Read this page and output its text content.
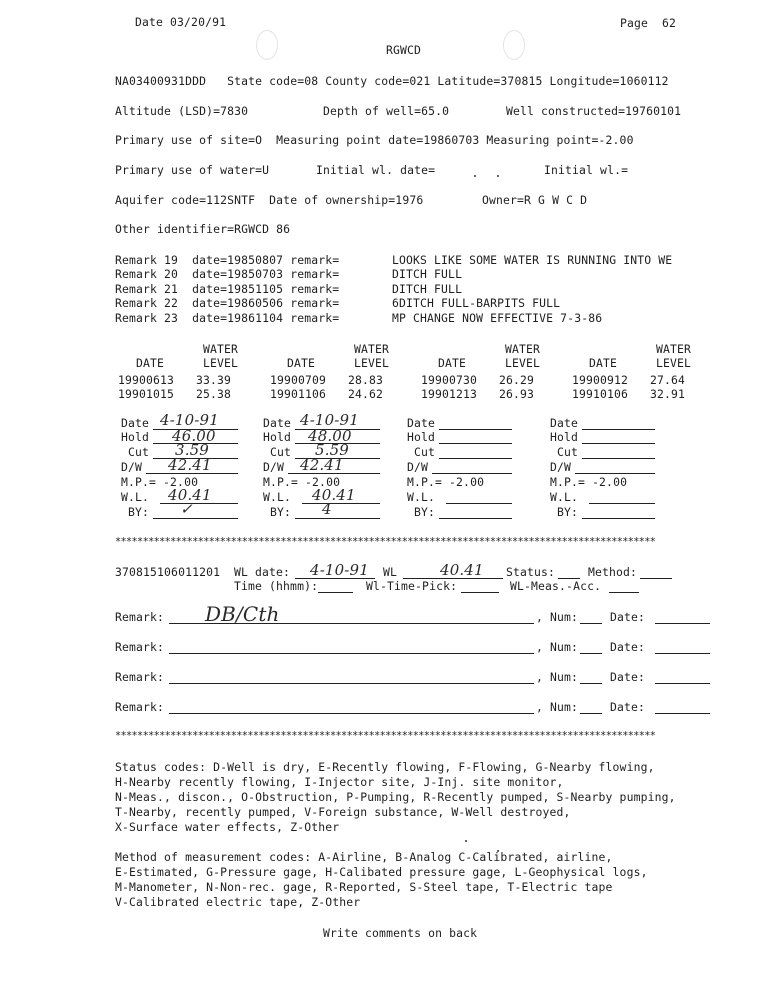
Date 03/20/91	Page  62
RGWCD
NA03400931DDD   State code=08 County code=021 Latitude=370815 Longitude=1060112
Altitude (LSD)=7830	Depth of well=65.0	Well constructed=19760101
Primary use of site=O  Measuring point date=19860703 Measuring point=-2.00
Primary use of water=U	Initial wl. date=	Initial wl.=
Aquifer code=112SNTF  Date of ownership=1976	Owner=R G W C D
Other identifier=RGWCD 86
Remark 19  date=19850807 remark=	LOOKS LIKE SOME WATER IS RUNNING INTO WE
Remark 20  date=19850703 remark=	DITCH FULL
Remark 21  date=19851105 remark=	DITCH FULL
Remark 22  date=19860506 remark=	6DITCH FULL-BARPITS FULL
Remark 23  date=19861104 remark=	MP CHANGE NOW EFFECTIVE 7-3-86
WATER	WATER	WATER	WATER
DATE	LEVEL	DATE	LEVEL	DATE	LEVEL	DATE	LEVEL
19900613 33.39	19900709 28.83	19900730 26.29	19900912 27.64
19901015 25.38	19901106 24.62	19901213 26.93	19910106 32.91
Date 4-10-91
Hold 46.00
Cut 3.59
D/W 42.41
M.P.= -2.00
W.L. 40.41
BY: ✓
Date 4-10-91
Hold 48.00
Cut 5.59
D/W 42.41
M.P.= -2.00
W.L. 40.41
BY: 4
Date
Hold
Cut
D/W
M.P.= -2.00
W.L.
BY:
Date
Hold
Cut
D/W
M.P.= -2.00
W.L.
BY:
**************************************************************************************************
370815106011201 WL date: 4-10-91 WL	40.41 Status:	Method:
Time (hhmm):	Wl-Time-Pick:	WL-Meas.-Acc.
Remark: DB/Cth	, Num:	Date:
Remark:	, Num:	Date:
Remark:	, Num:	Date:
Remark:	, Num:	Date:
**************************************************************************************************
Status codes: D-Well is dry, E-Recently flowing, F-Flowing, G-Nearby flowing,
H-Nearby recently flowing, I-Injector site, J-Inj. site monitor,
N-Meas., discon., O-Obstruction, P-Pumping, R-Recently pumped, S-Nearby pumping,
T-Nearby, recently pumped, V-Foreign substance, W-Well destroyed,
X-Surface water effects, Z-Other
Method of measurement codes: A-Airline, B-Analog C-Calibrated, airline,
E-Estimated, G-Pressure gage, H-Calibated pressure gage, L-Geophysical logs,
M-Manometer, N-Non-rec. gage, R-Reported, S-Steel tape, T-Electric tape
V-Calibrated electric tape, Z-Other
Write comments on back
